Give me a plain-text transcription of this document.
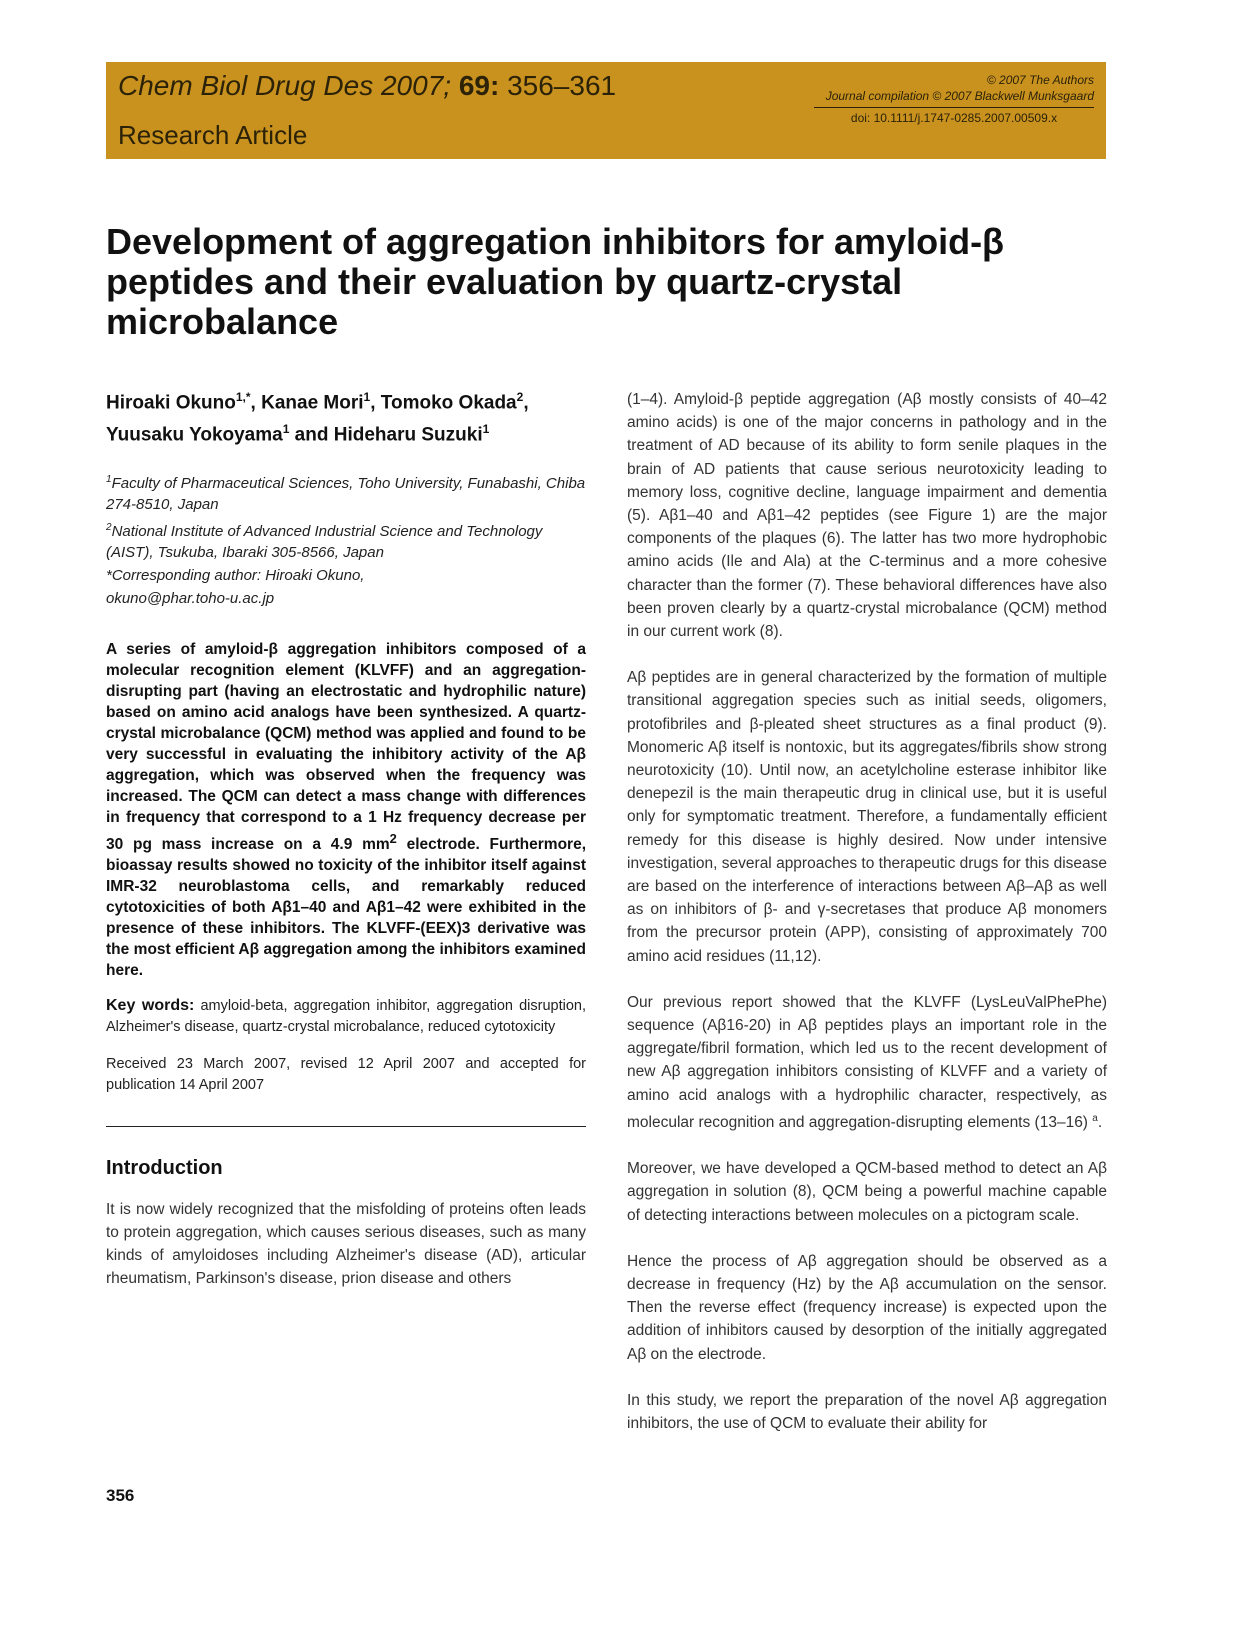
Chem Biol Drug Des 2007; 69: 356–361
Research Article
© 2007 The Authors
Journal compilation © 2007 Blackwell Munksgaard
doi: 10.1111/j.1747-0285.2007.00509.x
Development of aggregation inhibitors for amyloid-β peptides and their evaluation by quartz-crystal microbalance
Hiroaki Okuno$^{1,*}$, Kanae Mori$^1$, Tomoko Okada$^2$, Yuusaku Yokoyama$^1$ and Hideharu Suzuki$^1$

$^1$Faculty of Pharmaceutical Sciences, Toho University, Funabashi, Chiba 274-8510, Japan

$^2$National Institute of Advanced Industrial Science and Technology (AIST), Tsukuba, Ibaraki 305-8566, Japan

*Corresponding author: Hiroaki Okuno,

okuno@phar.toho-u.ac.jp

A series of amyloid-β aggregation inhibitors composed of a molecular recognition element (KLVFF) and an aggregation-disrupting part (having an electrostatic and hydrophilic nature) based on amino acid analogs have been synthesized. A quartz-crystal microbalance (QCM) method was applied and found to be very successful in evaluating the inhibitory activity of the Aβ aggregation, which was observed when the frequency was increased. The QCM can detect a mass change with differences in frequency that correspond to a 1 Hz frequency decrease per 30 pg mass increase on a 4.9 $mm^2$ electrode. Furthermore, bioassay results showed no toxicity of the inhibitor itself against IMR-32 neuroblastoma cells, and remarkably reduced cytotoxicities of both Aβ1–40 and Aβ1–42 were exhibited in the presence of these inhibitors. The KLVFF-(EEX)3 derivative was the most efficient Aβ aggregation among the inhibitors examined here.
Key words: amyloid-beta, aggregation inhibitor, aggregation disruption, Alzheimer's disease, quartz-crystal microbalance, reduced cytotoxicity
Received 23 March 2007, revised 12 April 2007 and accepted for publication 14 April 2007
Introduction

It is now widely recognized that the misfolding of proteins often leads to protein aggregation, which causes serious diseases, such as many kinds of amyloidoses including Alzheimer's disease (AD), articular rheumatism, Parkinson's disease, prion disease and others

(1–4). Amyloid-β peptide aggregation (Aβ mostly consists of 40–42 amino acids) is one of the major concerns in pathology and in the treatment of AD because of its ability to form senile plaques in the brain of AD patients that cause serious neurotoxicity leading to memory loss, cognitive decline, language impairment and dementia (5). Aβ1–40 and Aβ1–42 peptides (see Figure 1) are the major components of the plaques (6). The latter has two more hydrophobic amino acids (Ile and Ala) at the C-terminus and a more cohesive character than the former (7). These behavioral differences have also been proven clearly by a quartz-crystal microbalance (QCM) method in our current work (8).

Aβ peptides are in general characterized by the formation of multiple transitional aggregation species such as initial seeds, oligomers, protofibriles and β-pleated sheet structures as a final product (9). Monomeric Aβ itself is nontoxic, but its aggregates/fibrils show strong neurotoxicity (10). Until now, an acetylcholine esterase inhibitor like denepezil is the main therapeutic drug in clinical use, but it is useful only for symptomatic treatment. Therefore, a fundamentally efficient remedy for this disease is highly desired. Now under intensive investigation, several approaches to therapeutic drugs for this disease are based on the interference of interactions between Aβ–Aβ as well as on inhibitors of β- and γ-secretases that produce Aβ monomers from the precursor protein (APP), consisting of approximately 700 amino acid residues (11,12).

Our previous report showed that the KLVFF (LysLeuValPhePhe) sequence (Aβ16-20) in Aβ peptides plays an important role in the aggregate/fibril formation, which led us to the recent development of new Aβ aggregation inhibitors consisting of KLVFF and a variety of amino acid analogs with a hydrophilic character, respectively, as molecular recognition and aggregation-disrupting elements (13–16) $^a$.

Moreover, we have developed a QCM-based method to detect an Aβ aggregation in solution (8), QCM being a powerful machine capable of detecting interactions between molecules on a pictogram scale.

Hence the process of Aβ aggregation should be observed as a decrease in frequency (Hz) by the Aβ accumulation on the sensor. Then the reverse effect (frequency increase) is expected upon the addition of inhibitors caused by desorption of the initially aggregated Aβ on the electrode.

In this study, we report the preparation of the novel Aβ aggregation inhibitors, the use of QCM to evaluate their ability for

356
